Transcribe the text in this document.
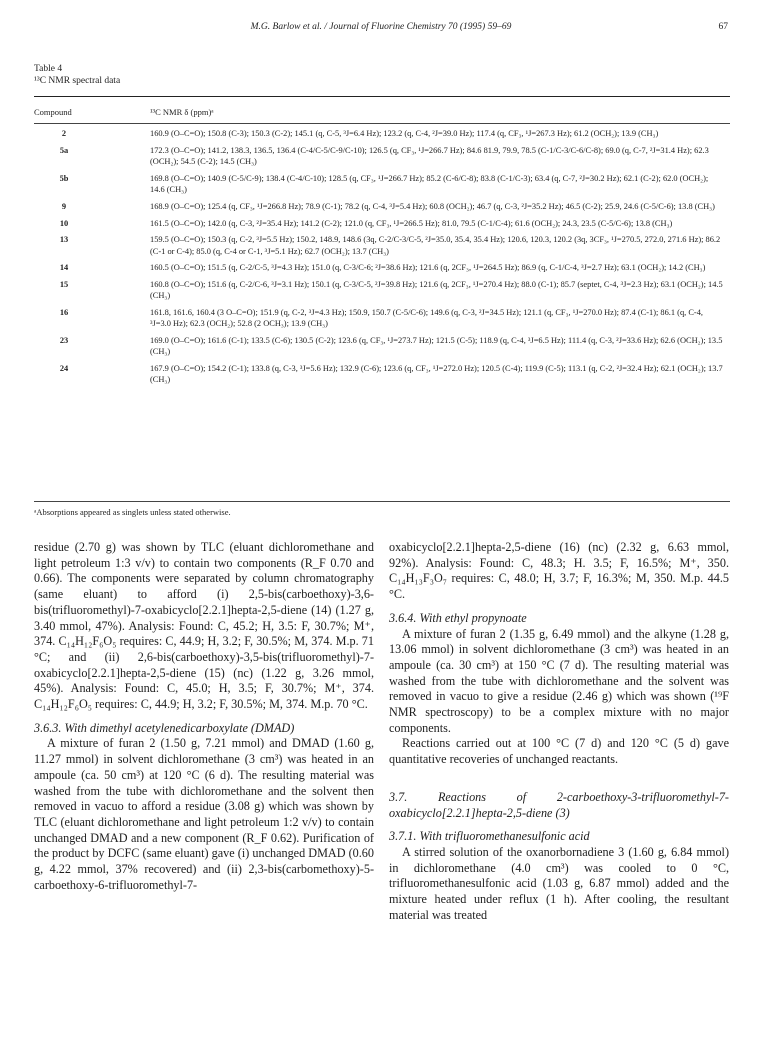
M.G. Barlow et al. / Journal of Fluorine Chemistry 70 (1995) 59–69	67
Table 4
¹³C NMR spectral data
Compound	¹³C NMR δ (ppm)ᵃ
2	160.9 (O–C=O); 150.8 (C-3); 150.3 (C-2); 145.1 (q, C-5, ³J=6.4 Hz); 123.2 (q, C-4, ²J=39.0 Hz); 117.4 (q, CF₃, ¹J=267.3 Hz); 61.2 (OCH₂); 13.9 (CH₃)
5a	172.3 (O–C=O); 141.2, 138.3, 136.5, 136.4 (C-4/C-5/C-9/C-10); 126.5 (q, CF₃, ¹J=266.7 Hz); 84.6 81.9, 79.9, 78.5 (C-1/C-3/C-6/C-8); 69.0 (q, C-7, ²J=31.4 Hz); 62.3 (OCH₂); 54.5 (C-2); 14.5 (CH₃)
5b	169.8 (O–C=O); 140.9 (C-5/C-9); 138.4 (C-4/C-10); 128.5 (q, CF₃, ¹J=266.7 Hz); 85.2 (C-6/C-8); 83.8 (C-1/C-3); 63.4 (q, C-7, ²J=30.2 Hz); 62.1 (C-2); 62.0 (OCH₂); 14.6 (CH₃)
9	168.9 (O–C=O); 125.4 (q, CF₃, ¹J=266.8 Hz); 78.9 (C-1); 78.2 (q, C-4, ³J=5.4 Hz); 60.8 (OCH₂); 46.7 (q, C-3, ²J=35.2 Hz); 46.5 (C-2); 25.9, 24.6 (C-5/C-6); 13.8 (CH₃)
10	161.5 (O–C=O); 142.0 (q, C-3, ²J=35.4 Hz); 141.2 (C-2); 121.0 (q, CF₃, ¹J=266.5 Hz); 81.0, 79.5 (C-1/C-4); 61.6 (OCH₂); 24.3, 23.5 (C-5/C-6); 13.8 (CH₃)
13	159.5 (O–C=O); 150.3 (q, C-2, ³J=5.5 Hz); 150.2, 148.9, 148.6 (3q, C-2/C-3/C-5, ²J=35.0, 35.4, 35.4 Hz); 120.6, 120.3, 120.2 (3q, 3CF₃, ¹J=270.5, 272.0, 271.6 Hz); 86.2 (C-1 or C-4); 85.0 (q, C-4 or C-1, ³J=5.1 Hz); 62.7 (OCH₂); 13.7 (CH₃)
14	160.5 (O–C=O); 151.5 (q, C-2/C-5, ³J=4.3 Hz); 151.0 (q, C-3/C-6; ²J=38.6 Hz); 121.6 (q, 2CF₃, ¹J=264.5 Hz); 86.9 (q, C-1/C-4, ³J=2.7 Hz); 63.1 (OCH₂); 14.2 (CH₃)
15	160.8 (O–C=O); 151.6 (q, C-2/C-6, ³J=3.1 Hz); 150.1 (q, C-3/C-5, ²J=39.8 Hz); 121.6 (q, 2CF₃, ¹J=270.4 Hz); 88.0 (C-1); 85.7 (septet, C-4, ³J=2.3 Hz); 63.1 (OCH₂); 14.5 (CH₃)
16	161.8, 161.6, 160.4 (3 O–C=O); 151.9 (q, C-2, ³J=4.3 Hz); 150.9, 150.7 (C-5/C-6); 149.6 (q, C-3, ²J=34.5 Hz); 121.1 (q, CF₃, ¹J=270.0 Hz); 87.4 (C-1); 86.1 (q, C-4, ³J=3.0 Hz); 62.3 (OCH₂); 52.8 (2 OCH₃); 13.9 (CH₃)
23	169.0 (O–C=O); 161.6 (C-1); 133.5 (C-6); 130.5 (C-2); 123.6 (q, CF₃, ¹J=273.7 Hz); 121.5 (C-5); 118.9 (q, C-4, ³J=6.5 Hz); 111.4 (q, C-3, ²J=33.6 Hz); 62.6 (OCH₂); 13.5 (CH₃)
24	167.9 (O–C=O); 154.2 (C-1); 133.8 (q, C-3, ³J=5.6 Hz); 132.9 (C-6); 123.6 (q, CF₃, ¹J=272.0 Hz); 120.5 (C-4); 119.9 (C-5); 113.1 (q, C-2, ²J=32.4 Hz); 62.1 (OCH₂); 13.7 (CH₃)
ᵃAbsorptions appeared as singlets unless stated otherwise.

residue (2.70 g) was shown by TLC (eluant dichloromethane and light petroleum 1:3 v/v) to contain two components (R_F 0.70 and 0.66). The components were separated by column chromatography (same eluant) to afford (i) 2,5-bis(carboethoxy)-3,6-bis(trifluoromethyl)-7-oxabicyclo[2.2.1]hepta-2,5-diene (14) (1.27 g, 3.40 mmol, 47%). Analysis: Found: C, 45.2; H, 3.5: F, 30.7%; M⁺, 374. C₁₄H₁₂F₆O₅ requires: C, 44.9; H, 3.2; F, 30.5%; M, 374. M.p. 71 °C; and (ii) 2,6-bis(carboethoxy)-3,5-bis(trifluoromethyl)-7-oxabicyclo[2.2.1]hepta-2,5-diene (15) (nc) (1.22 g, 3.26 mmol, 45%). Analysis: Found: C, 45.0; H, 3.5; F, 30.7%; M⁺, 374. C₁₄H₁₂F₆O₅ requires: C, 44.9; H, 3.2; F, 30.5%; M, 374. M.p. 70 °C.

3.6.3. With dimethyl acetylenedicarboxylate (DMAD)

A mixture of furan 2 (1.50 g, 7.21 mmol) and DMAD (1.60 g, 11.27 mmol) in solvent dichloromethane (3 cm³) was heated in an ampoule (ca. 50 cm³) at 120 °C (6 d). The resulting material was washed from the tube with dichloromethane and the solvent then removed in vacuo to afford a residue (3.08 g) which was shown by TLC (eluant dichloromethane and light petroleum 1:2 v/v) to contain unchanged DMAD and a new component (R_F 0.62). Purification of the product by DCFC (same eluant) gave (i) unchanged DMAD (0.60 g, 4.22 mmol, 37% recovered) and (ii) 2,3-bis(carbomethoxy)-5-carboethoxy-6-trifluoromethyl-7-

oxabicyclo[2.2.1]hepta-2,5-diene (16) (nc) (2.32 g, 6.63 mmol, 92%). Analysis: Found: C, 48.3; H. 3.5; F, 16.5%; M⁺, 350. C₁₄H₁₃F₃O₇ requires: C, 48.0; H, 3.7; F, 16.3%; M, 350. M.p. 44.5 °C.

3.6.4. With ethyl propynoate

A mixture of furan 2 (1.35 g, 6.49 mmol) and the alkyne (1.28 g, 13.06 mmol) in solvent dichloromethane (3 cm³) was heated in an ampoule (ca. 30 cm³) at 150 °C (7 d). The resulting material was washed from the tube with dichloromethane and the solvent was removed in vacuo to give a residue (2.46 g) which was shown (¹⁹F NMR spectroscopy) to be a complex mixture with no major components.

Reactions carried out at 100 °C (7 d) and 120 °C (5 d) gave quantitative recoveries of unchanged reactants.

3.7. Reactions of 2-carboethoxy-3-trifluoromethyl-7-oxabicyclo[2.2.1]hepta-2,5-diene (3)

3.7.1. With trifluoromethanesulfonic acid

A stirred solution of the oxanorbornadiene 3 (1.60 g, 6.84 mmol) in dichloromethane (4.0 cm³) was cooled to 0 °C, trifluoromethanesulfonic acid (1.03 g, 6.87 mmol) added and the mixture heated under reflux (1 h). After cooling, the resultant material was treated
